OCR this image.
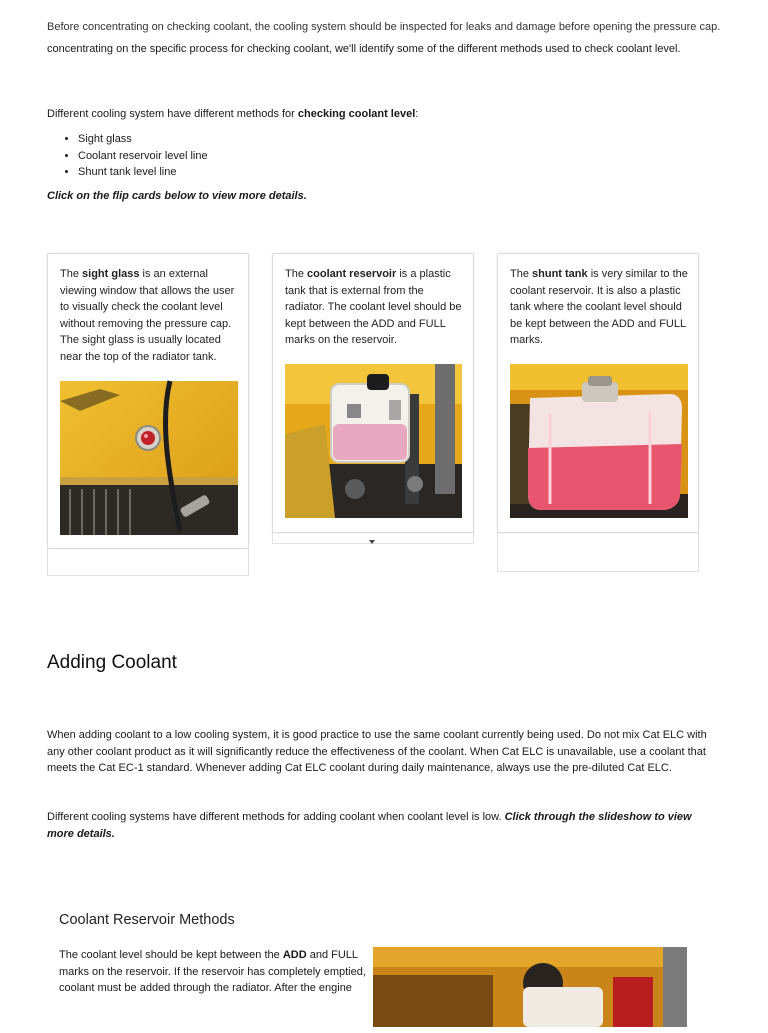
Before concentrating on checking coolant, the cooling system should be inspected for leaks and damage before opening the pressure cap.

concentrating on the specific process for checking coolant, we'll identify some of the different methods used to check coolant level.

Different cooling system have different methods for checking coolant level:

• Sight glass
• Coolant reservoir level line
• Shunt tank level line

Click on the flip cards below to view more details.

The sight glass is an external viewing window that allows the user to visually check the coolant level without removing the pressure cap. The sight glass is usually located near the top of the radiator tank.

The coolant reservoir is a plastic tank that is external from the radiator. The coolant level should be kept between the ADD and FULL marks on the reservoir.

The shunt tank is very similar to the coolant reservoir. It is also a plastic tank where the coolant level should be kept between the ADD and FULL marks.

Adding Coolant

When adding coolant to a low cooling system, it is good practice to use the same coolant currently being used. Do not mix Cat ELC with any other coolant product as it will significantly reduce the effectiveness of the coolant. When Cat ELC is unavailable, use a coolant that meets the Cat EC-1 standard. Whenever adding Cat ELC coolant during daily maintenance, always use the pre-diluted Cat ELC.

Different cooling systems have different methods for adding coolant when coolant level is low. Click through the slideshow to view more details.

Coolant Reservoir Methods

The coolant level should be kept between the ADD and FULL marks on the reservoir. If the reservoir has completely emptied, coolant must be added through the radiator. After the engine
